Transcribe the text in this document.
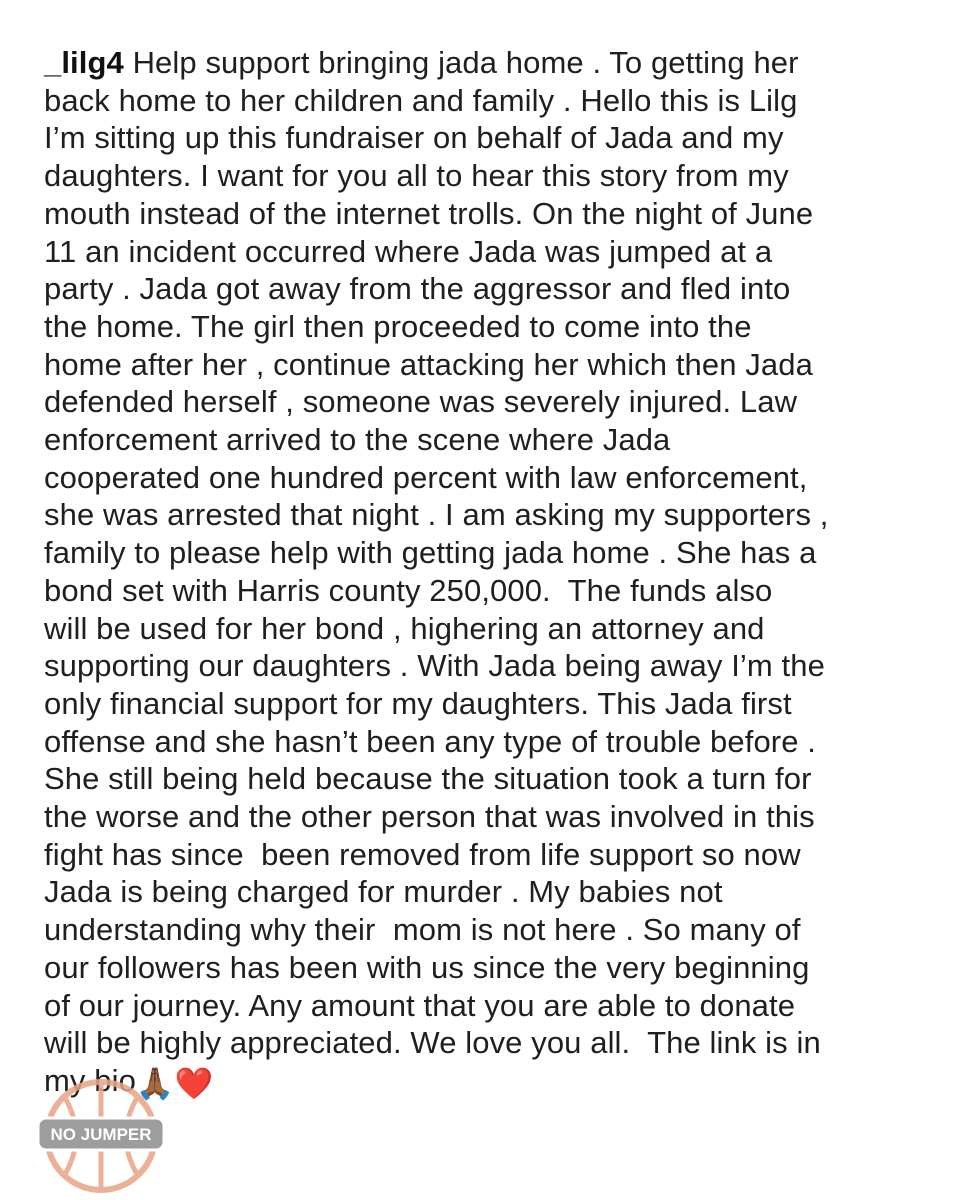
_lilg4 Help support bringing jada home . To getting her
back home to her children and family . Hello this is Lilg
I’m sitting up this fundraiser on behalf of Jada and my
daughters. I want for you all to hear this story from my
mouth instead of the internet trolls. On the night of June
11 an incident occurred where Jada was jumped at a
party . Jada got away from the aggressor and fled into
the home. The girl then proceeded to come into the
home after her , continue attacking her which then Jada
defended herself , someone was severely injured. Law
enforcement arrived to the scene where Jada
cooperated one hundred percent with law enforcement,
she was arrested that night . I am asking my supporters ,
family to please help with getting jada home . She has a
bond set with Harris county 250,000.  The funds also
will be used for her bond , highering an attorney and
supporting our daughters . With Jada being away I’m the
only financial support for my daughters. This Jada first
offense and she hasn’t been any type of trouble before .
She still being held because the situation took a turn for
the worse and the other person that was involved in this
fight has since  been removed from life support so now
Jada is being charged for murder . My babies not
understanding why their  mom is not here . So many of
our followers has been with us since the very beginning
of our journey. Any amount that you are able to donate
will be highly appreciated. We love you all.  The link is in
my bio🙏🏾❤️
NO JUMPER
